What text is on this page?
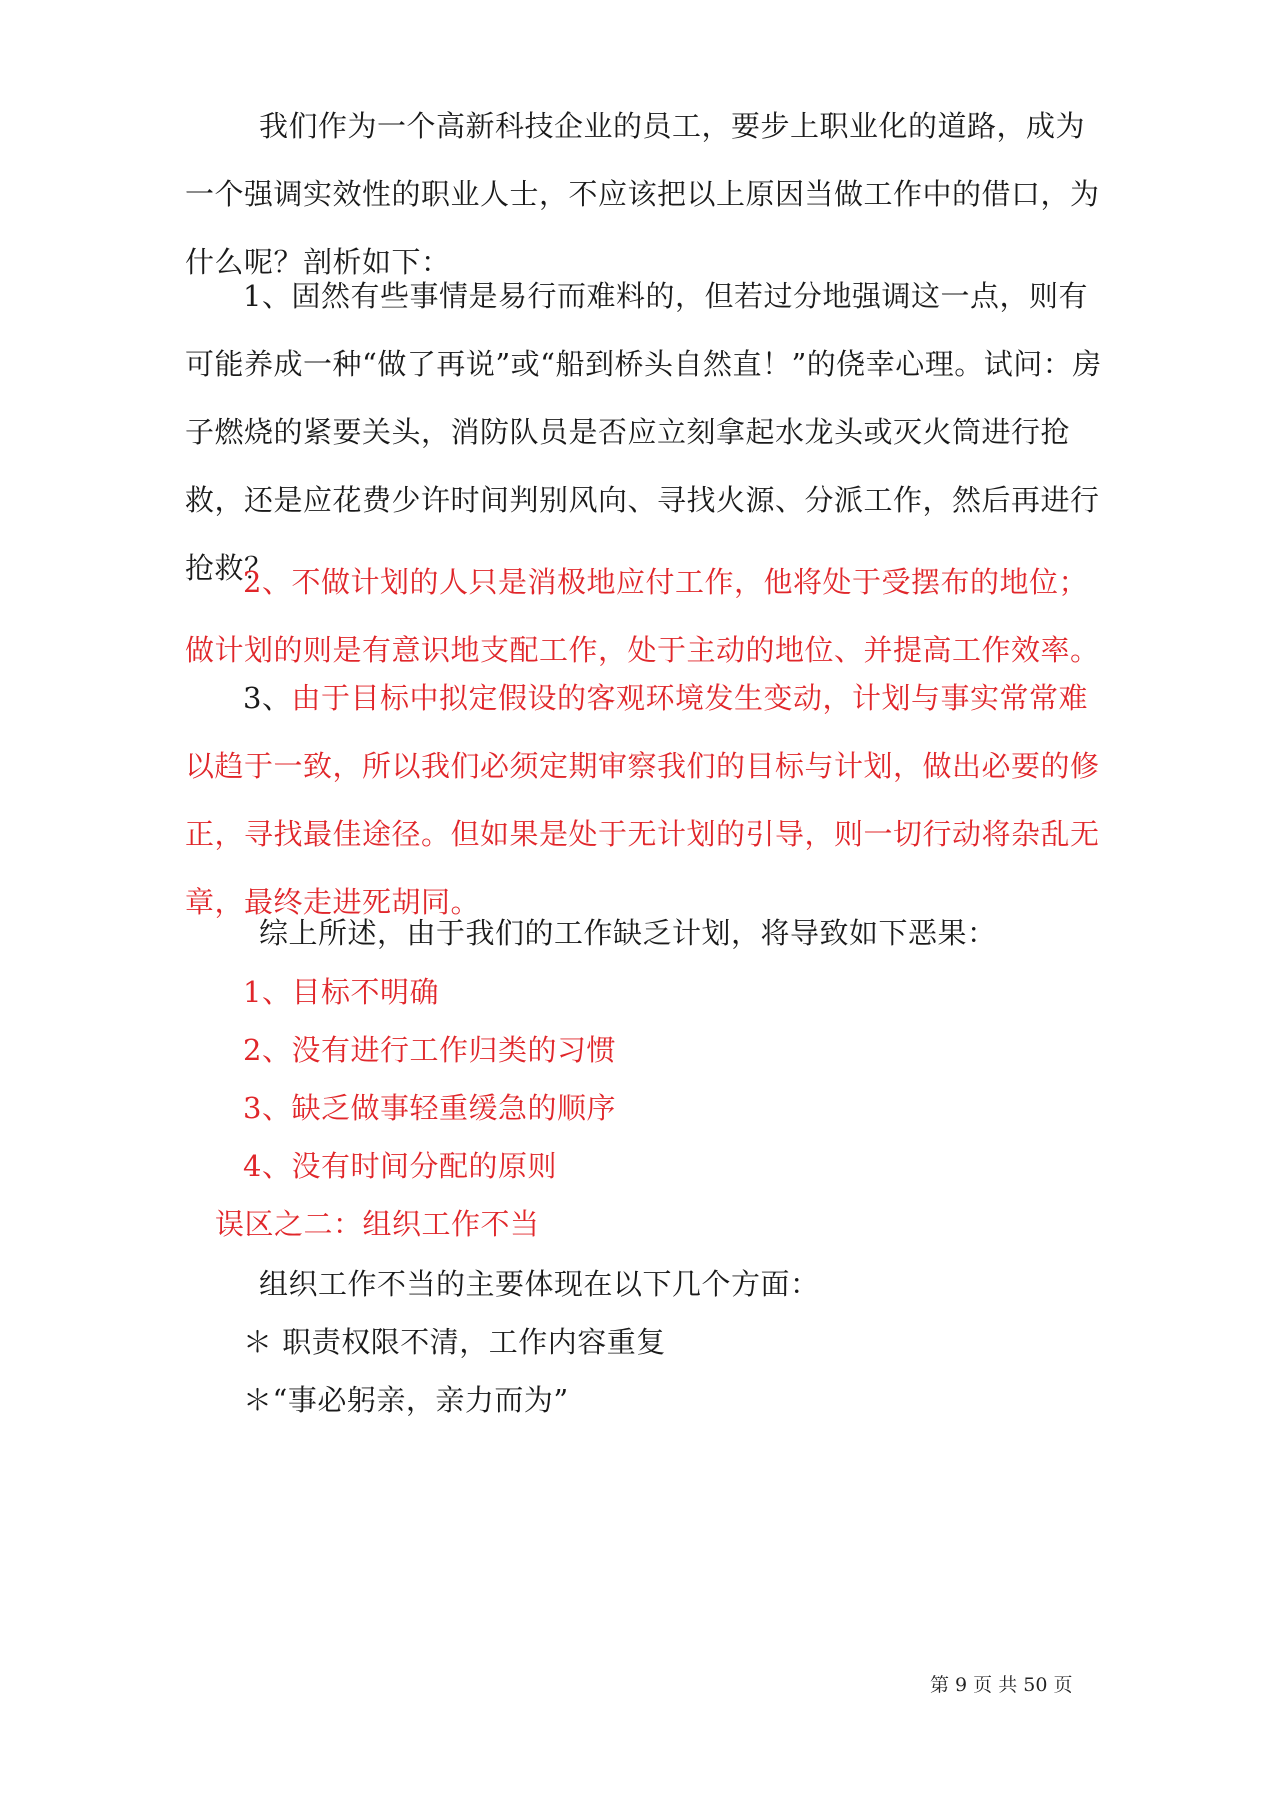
我们作为一个高新科技企业的员工，要步上职业化的道路，成为一个强调实效性的职业人士，不应该把以上原因当做工作中的借口，为什么呢？剖析如下：

1、固然有些事情是易行而难料的，但若过分地强调这一点，则有可能养成一种“做了再说”或“船到桥头自然直！”的侥幸心理。试问：房子燃烧的紧要关头，消防队员是否应立刻拿起水龙头或灭火筒进行抢救，还是应花费少许时间判别风向、寻找火源、分派工作，然后再进行抢救？

2、不做计划的人只是消极地应付工作，他将处于受摆布的地位；做计划的则是有意识地支配工作，处于主动的地位、并提高工作效率。

3、由于目标中拟定假设的客观环境发生变动，计划与事实常常难以趋于一致，所以我们必须定期审察我们的目标与计划，做出必要的修正，寻找最佳途径。但如果是处于无计划的引导，则一切行动将杂乱无章，最终走进死胡同。

综上所述，由于我们的工作缺乏计划，将导致如下恶果：

1、目标不明确

2、没有进行工作归类的习惯

3、缺乏做事轻重缓急的顺序

4、没有时间分配的原则

误区之二：组织工作不当

组织工作不当的主要体现在以下几个方面：

＊ 职责权限不清，工作内容重复

＊“事必躬亲，亲力而为”

第 9 页 共 50 页
